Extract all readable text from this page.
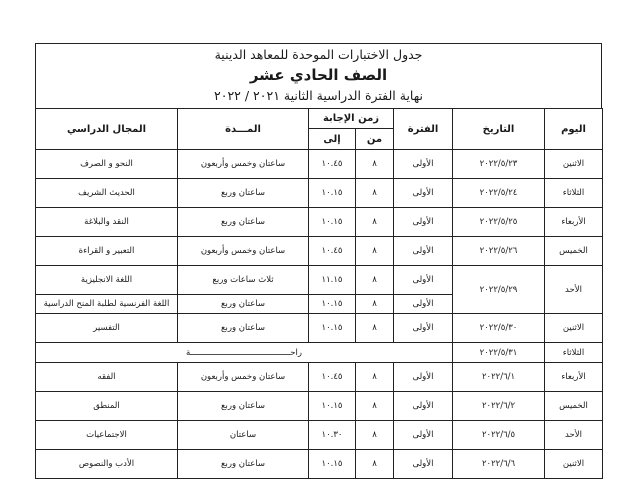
جدول الاختبارات الموحدة للمعاهد الدينية
الصف الحادي عشر
نهاية الفترة الدراسية الثانية ٢٠٢١ / ٢٠٢٢
اليوم	التاريخ	الفترة	زمن الإجابة		المـــدة	المجال الدراسي
			من	إلى		
الاثنين	٢٠٢٢/٥/٢٣	الأولى	٨	١٠.٤٥	ساعتان وخمس وأربعون	النحو و الصرف
الثلاثاء	٢٠٢٢/٥/٢٤	الأولى	٨	١٠.١٥	ساعتان وربع	الحديث الشريف
الأربعاء	٢٠٢٢/٥/٢٥	الأولى	٨	١٠.١٥	ساعتان وربع	النقد والبلاغة
الخميس	٢٠٢٢/٥/٢٦	الأولى	٨	١٠.٤٥	ساعتان وخمس وأربعون	التعبير و القراءة
الأحد	٢٠٢٢/٥/٢٩	الأولى	٨	١١.١٥	ثلاث ساعات وربع	اللغة الانجليزية
		الأولى	٨	١٠.١٥	ساعتان وربع	اللغة الفرنسية لطلبة المنح الدراسية
الاثنين	٢٠٢٢/٥/٣٠	الأولى	٨	١٠.١٥	ساعتان وربع	التفسير
الثلاثاء	٢٠٢٢/٥/٣١	راحــــــــــــــــــــــــــــــــــــــــة				
الأربعاء	٢٠٢٢/٦/١	الأولى	٨	١٠.٤٥	ساعتان وخمس وأربعون	الفقه
الخميس	٢٠٢٢/٦/٢	الأولى	٨	١٠.١٥	ساعتان وربع	المنطق
الأحد	٢٠٢٢/٦/٥	الأولى	٨	١٠.٣٠	ساعتان	الاجتماعيات
الاثنين	٢٠٢٢/٦/٦	الأولى	٨	١٠.١٥	ساعتان وربع	الأدب والنصوص
